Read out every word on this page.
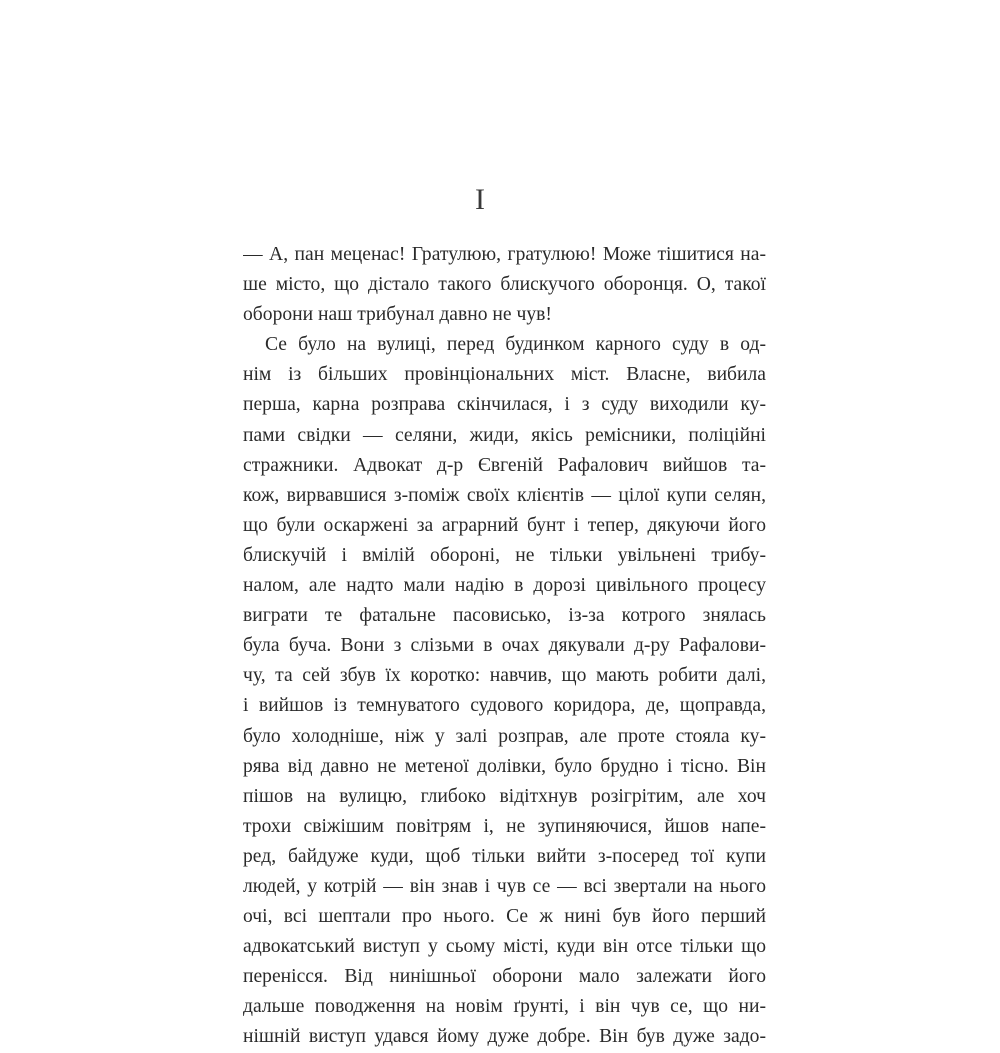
I
— А, пан меценас! Гратулюю, гратулюю! Може тішитися на-
ше місто, що дістало такого блискучого оборонця. О, такої
оборони наш трибунал давно не чув!
Се було на вулиці, перед будинком карного суду в од-
нім із більших провінціональних міст. Власне, вибила
перша, карна розправа скінчилася, і з суду виходили ку-
пами свідки — селяни, жиди, якісь ремісники, поліційні
стражники. Адвокат д-р Євгеній Рафалович вийшов та-
кож, вирвавшися з-поміж своїх клієнтів — цілої купи селян,
що були оскаржені за аграрний бунт і тепер, дякуючи його
блискучій і вмілій обороні, не тільки увільнені трибу-
налом, але надто мали надію в дорозі цивільного процесу
виграти те фатальне пасовисько, із-за котрого знялась
була буча. Вони з слізьми в очах дякували д-ру Рафалови-
чу, та сей збув їх коротко: навчив, що мають робити далі,
і вийшов із темнуватого судового коридора, де, щоправда,
було холодніше, ніж у залі розправ, але проте стояла ку-
рява від давно не метеної долівки, було брудно і тісно. Він
пішов на вулицю, глибоко відітхнув розігрітим, але хоч
трохи свіжішим повітрям і, не зупиняючися, йшов напе-
ред, байдуже куди, щоб тільки вийти з-посеред тої купи
людей, у котрій — він знав і чув се — всі звертали на нього
очі, всі шептали про нього. Се ж нині був його перший
адвокатський виступ у сьому місті, куди він отсе тільки що
перенісся. Від нинішньої оборони мало залежати його
дальше поводження на новім ґрунті, і він чув се, що ни-
нішній виступ удався йому дуже добре. Він був дуже задо-
